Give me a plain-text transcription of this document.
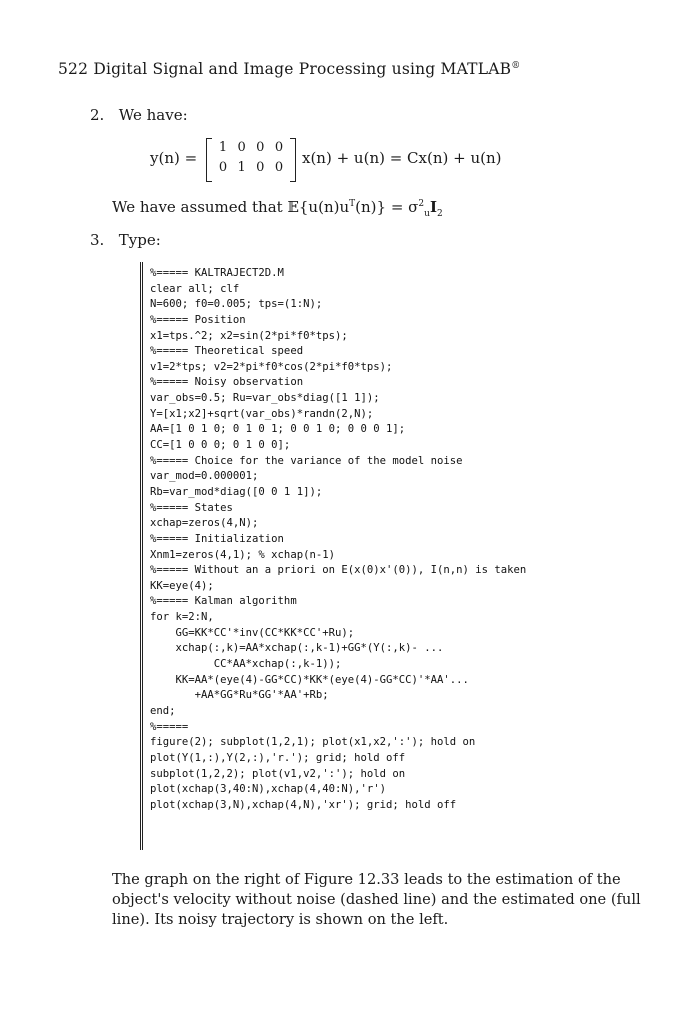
522 Digital Signal and Image Processing using MATLAB®
2. We have:
y(n) =
1 0 0 0
0 1 0 0
x(n) + u(n) = Cx(n) + u(n)
We have assumed that $𝔼\{u(n)u^T(n)\} = \sigma^2_uI_2$
3. Type:
%===== KALTRAJECT2D.M
clear all; clf
N=600; f0=0.005; tps=(1:N);
%===== Position
x1=tps.^2; x2=sin(2*pi*f0*tps);
%===== Theoretical speed
v1=2*tps; v2=2*pi*f0*cos(2*pi*f0*tps);
%===== Noisy observation
var_obs=0.5; Ru=var_obs*diag([1 1]);
Y=[x1;x2]+sqrt(var_obs)*randn(2,N);
AA=[1 0 1 0; 0 1 0 1; 0 0 1 0; 0 0 0 1];
CC=[1 0 0 0; 0 1 0 0];
%===== Choice for the variance of the model noise
var_mod=0.000001;
Rb=var_mod*diag([0 0 1 1]);
%===== States
xchap=zeros(4,N);
%===== Initialization
Xnm1=zeros(4,1); % xchap(n-1)
%===== Without an a priori on E(x(0)x'(0)), I(n,n) is taken
KK=eye(4);
%===== Kalman algorithm
for k=2:N,
GG=KK*CC'*inv(CC*KK*CC'+Ru);
xchap(:,k)=AA*xchap(:,k-1)+GG*(Y(:,k)- ...
CC*AA*xchap(:,k-1));
KK=AA*(eye(4)-GG*CC)*KK*(eye(4)-GG*CC)'*AA'...
+AA*GG*Ru*GG'*AA'+Rb;
end;
%=====
figure(2); subplot(1,2,1); plot(x1,x2,':'); hold on
plot(Y(1,:),Y(2,:),'r.'); grid; hold off
subplot(1,2,2); plot(v1,v2,':'); hold on
plot(xchap(3,40:N),xchap(4,40:N),'r')
plot(xchap(3,N),xchap(4,N),'xr'); grid; hold off
The graph on the right of Figure 12.33 leads to the estimation of the
object's velocity without noise (dashed line) and the estimated one (full
line). Its noisy trajectory is shown on the left.
